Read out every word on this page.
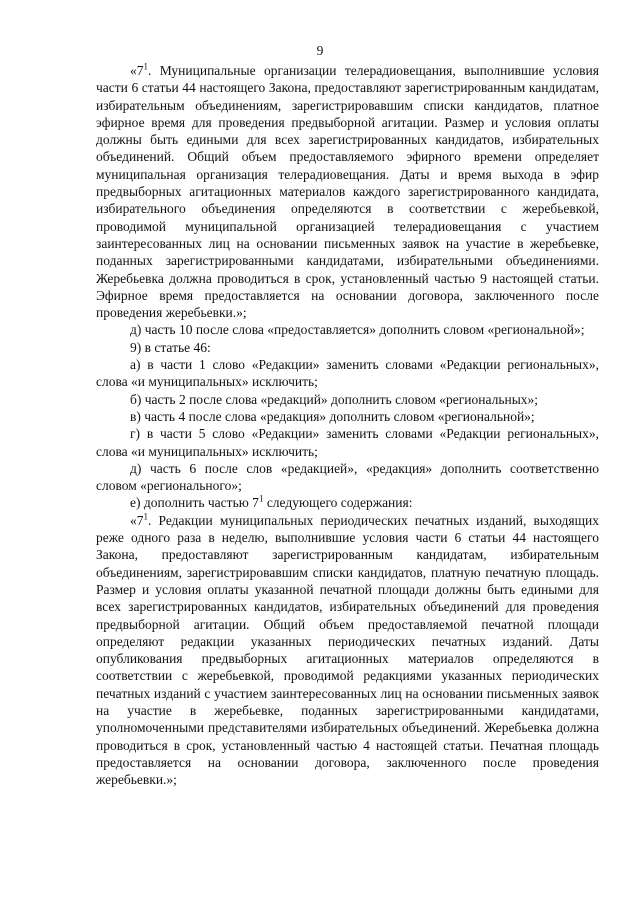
9

«$7^1$. Муниципальные организации телерадиовещания, выполнившие условия части 6 статьи 44 настоящего Закона, предоставляют зарегистрированным кандидатам, избирательным объединениям, зарегистрировавшим списки кандидатов, платное эфирное время для проведения предвыборной агитации. Размер и условия оплаты должны быть едиными для всех зарегистрированных кандидатов, избирательных объединений. Общий объем предоставляемого эфирного времени определяет муниципальная организация телерадиовещания. Даты и время выхода в эфир предвыборных агитационных материалов каждого зарегистрированного кандидата, избирательного объединения определяются в соответствии с жеребьевкой, проводимой муниципальной организацией телерадиовещания с участием заинтересованных лиц на основании письменных заявок на участие в жеребьевке, поданных зарегистрированными кандидатами, избирательными объединениями. Жеребьевка должна проводиться в срок, установленный частью 9 настоящей статьи. Эфирное время предоставляется на основании договора, заключенного после проведения жеребьевки.»;

д) часть 10 после слова «предоставляется» дополнить словом «региональной»;

9) в статье 46:

а) в части 1 слово «Редакции» заменить словами «Редакции региональных», слова «и муниципальных» исключить;

б) часть 2 после слова «редакций» дополнить словом «региональных»;

в) часть 4 после слова «редакция» дополнить словом «региональной»;

г) в части 5 слово «Редакции» заменить словами «Редакции региональных», слова «и муниципальных» исключить;

д) часть 6 после слов «редакцией», «редакция» дополнить соответственно словом «регионального»;

е) дополнить частью $7^1$ следующего содержания:

«$7^1$. Редакции муниципальных периодических печатных изданий, выходящих реже одного раза в неделю, выполнившие условия части 6 статьи 44 настоящего Закона, предоставляют зарегистрированным кандидатам, избирательным объединениям, зарегистрировавшим списки кандидатов, платную печатную площадь. Размер и условия оплаты указанной печатной площади должны быть едиными для всех зарегистрированных кандидатов, избирательных объединений для проведения предвыборной агитации. Общий объем предоставляемой печатной площади определяют редакции указанных периодических печатных изданий. Даты опубликования предвыборных агитационных материалов определяются в соответствии с жеребьевкой, проводимой редакциями указанных периодических печатных изданий с участием заинтересованных лиц на основании письменных заявок на участие в жеребьевке, поданных зарегистрированными кандидатами, уполномоченными представителями избирательных объединений. Жеребьевка должна проводиться в срок, установленный частью 4 настоящей статьи. Печатная площадь предоставляется на основании договора, заключенного после проведения жеребьевки.»;
